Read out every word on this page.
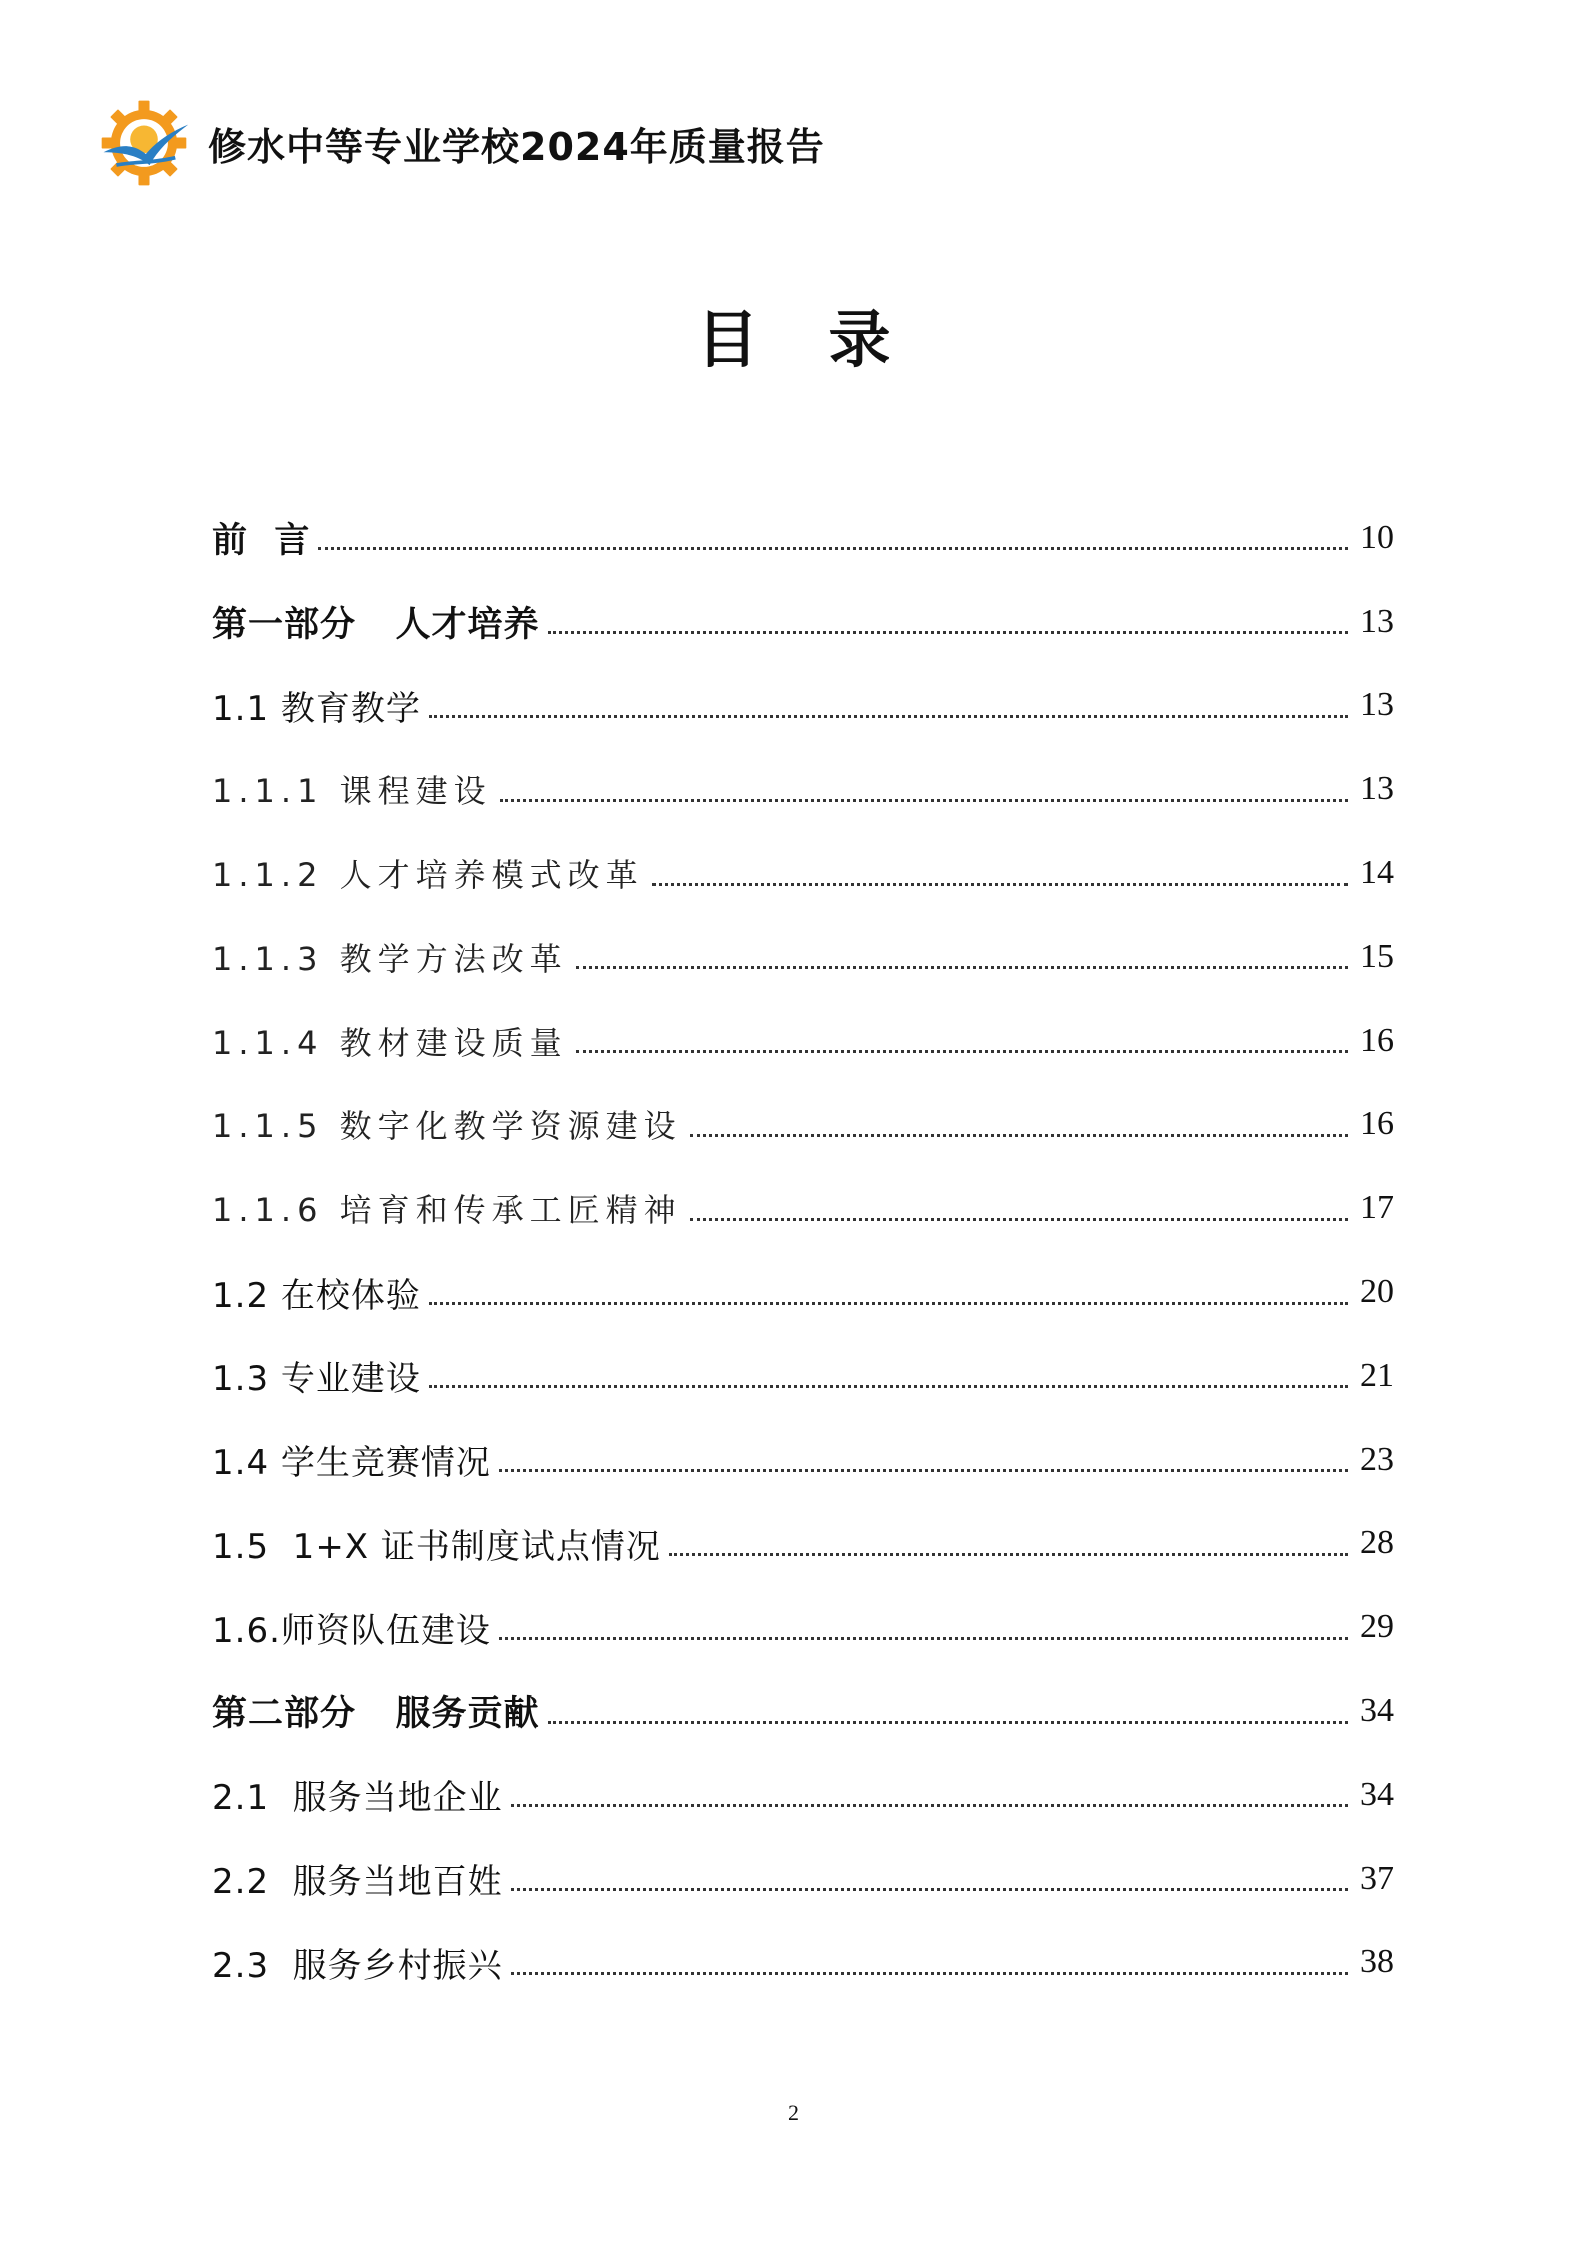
修水中等专业学校2024年质量报告
目录
前  言	10
第一部分   人才培养	13
1.1 教育教学	13
1.1.1 课程建设	13
1.1.2 人才培养模式改革	14
1.1.3 教学方法改革	15
1.1.4 教材建设质量	16
1.1.5 数字化教学资源建设	16
1.1.6 培育和传承工匠精神	17
1.2 在校体验	20
1.3 专业建设	21
1.4 学生竞赛情况	23
1.5  1+X 证书制度试点情况	28
1.6.师资队伍建设	29
第二部分   服务贡献	34
2.1  服务当地企业	34
2.2  服务当地百姓	37
2.3  服务乡村振兴	38
2
